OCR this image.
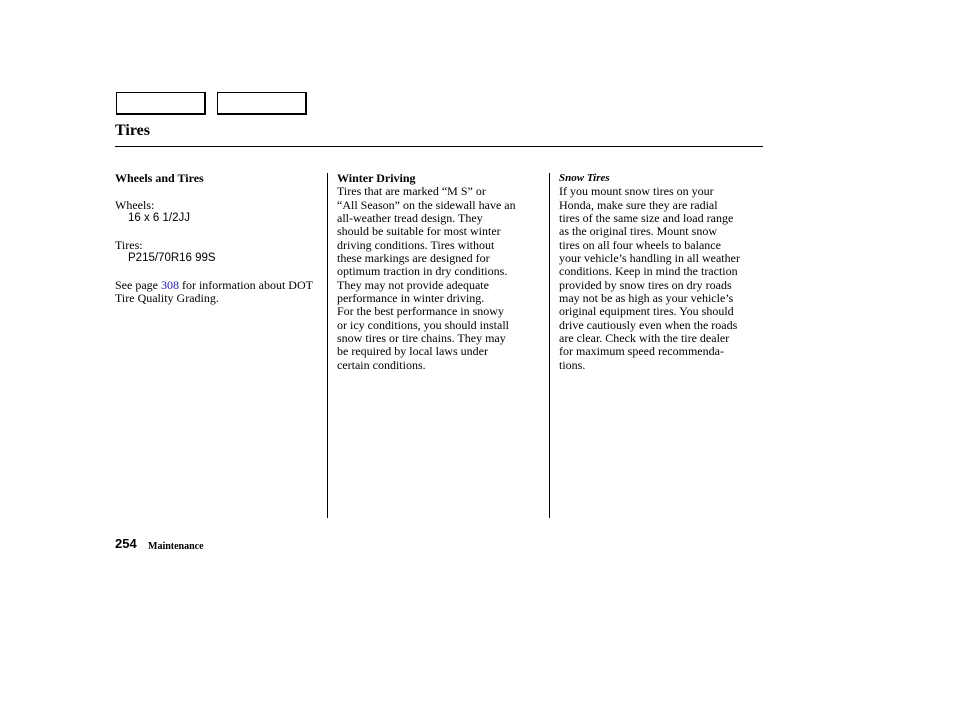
Tires

Wheels and Tires

Wheels:

16 x 6 1/2JJ

Tires:

P215/70R16 99S

See page 308 for information about DOT Tire Quality Grading.

Winter Driving

Tires that are marked “M S” or

“All Season” on the sidewall have an

all-weather tread design. They

should be suitable for most winter

driving conditions. Tires without

these markings are designed for

optimum traction in dry conditions.

They may not provide adequate

performance in winter driving.

For the best performance in snowy

or icy conditions, you should install

snow tires or tire chains. They may

be required by local laws under

certain conditions.

Snow Tires

If you mount snow tires on your

Honda, make sure they are radial

tires of the same size and load range

as the original tires. Mount snow

tires on all four wheels to balance

your vehicle’s handling in all weather

conditions. Keep in mind the traction

provided by snow tires on dry roads

may not be as high as your vehicle’s

original equipment tires. You should

drive cautiously even when the roads

are clear. Check with the tire dealer

for maximum speed recommenda-

tions.

254 Maintenance
